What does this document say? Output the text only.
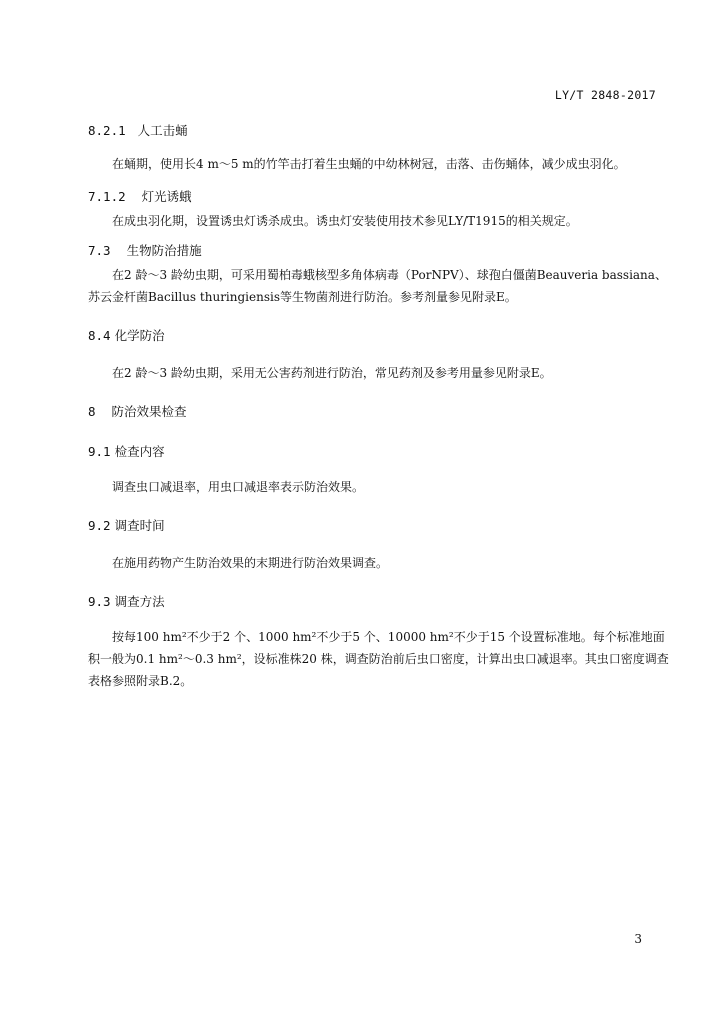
LY/T 2848-2017
8.2.1 人工击蛹

在蛹期，使用长4 m～5 m的竹竿击打着生虫蛹的中幼林树冠，击落、击伤蛹体，减少成虫羽化。

7.1.2 灯光诱蛾

在成虫羽化期，设置诱虫灯诱杀成虫。诱虫灯安装使用技术参见LY/T1915的相关规定。

7.3 生物防治措施

在2 龄～3 龄幼虫期，可采用蜀柏毒蛾核型多角体病毒（PorNPV）、球孢白僵菌Beauveria bassiana、苏云金杆菌Bacillus thuringiensis等生物菌剂进行防治。参考剂量参见附录E。

8.4 化学防治

在2 龄～3 龄幼虫期，采用无公害药剂进行防治，常见药剂及参考用量参见附录E。

8 防治效果检查
9.1 检查内容

调查虫口减退率，用虫口减退率表示防治效果。

9.2 调查时间

在施用药物产生防治效果的末期进行防治效果调查。

9.3 调查方法

按每100 hm²不少于2 个、1000 hm²不少于5 个、10000 hm²不少于15 个设置标准地。每个标准地面积一般为0.1 hm²～0.3 hm²，设标准株20 株，调查防治前后虫口密度，计算出虫口减退率。其虫口密度调查表格参照附录B.2。

3
